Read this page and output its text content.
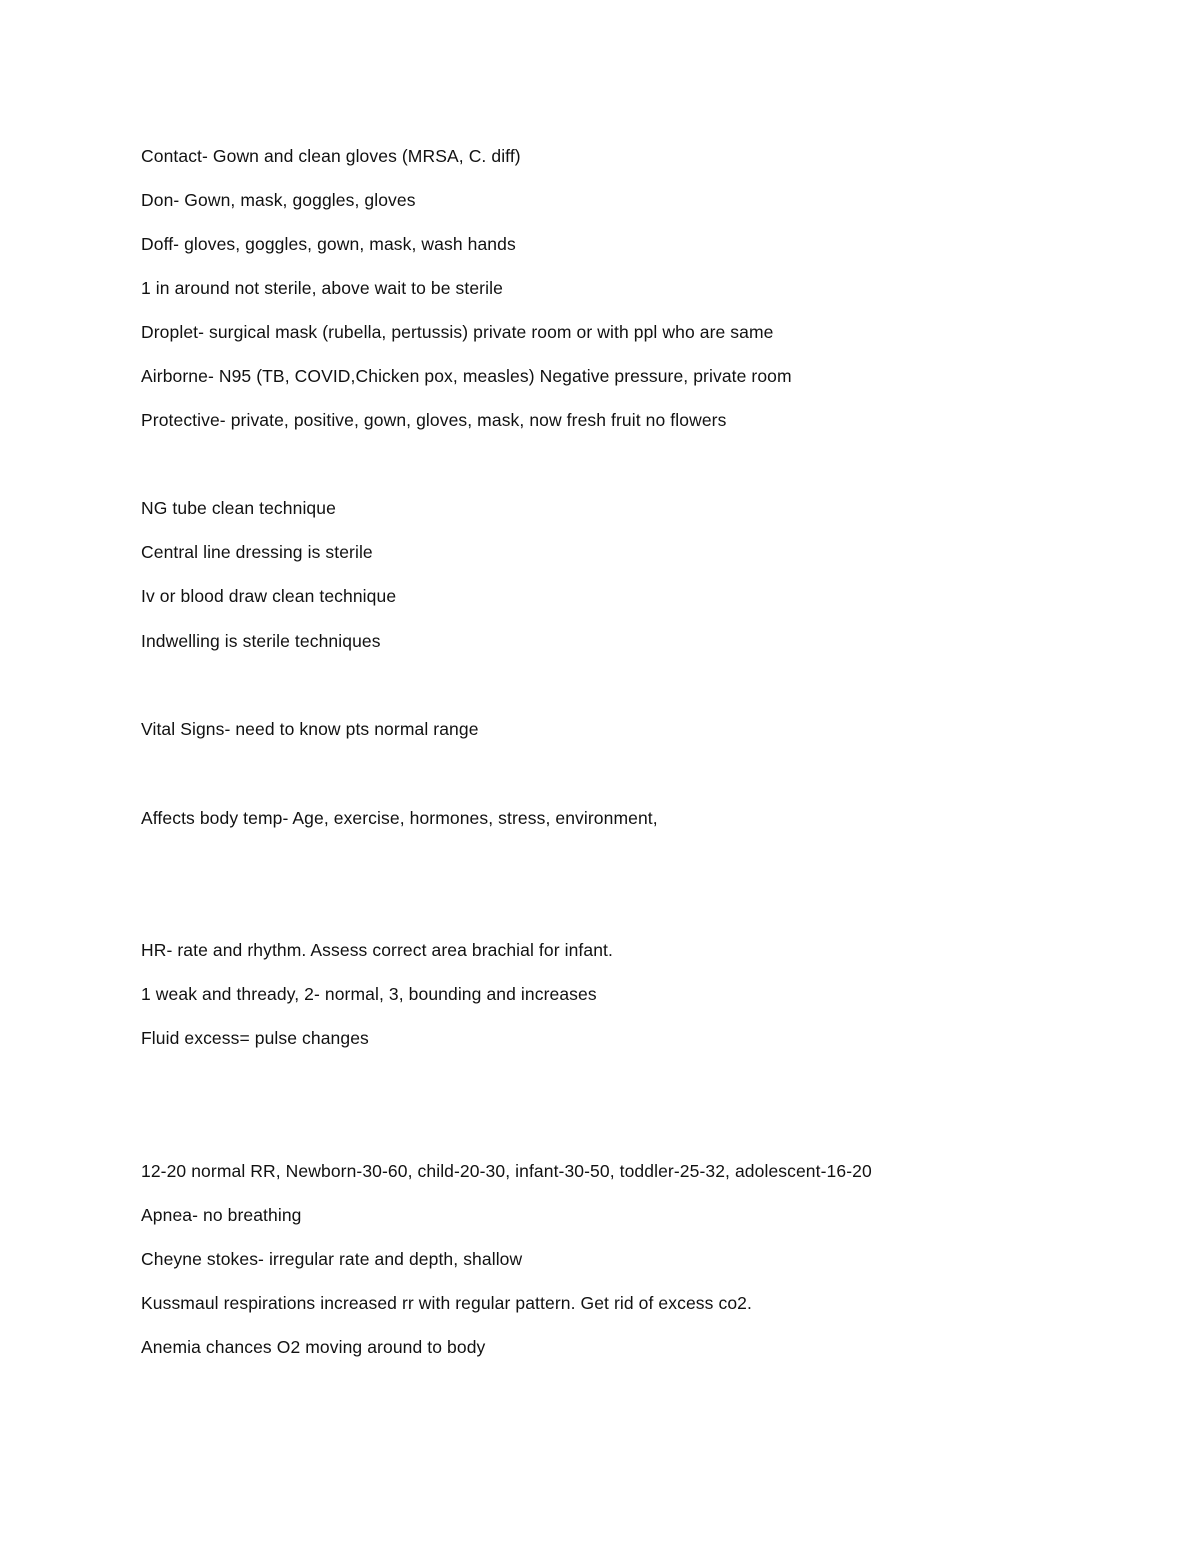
Contact- Gown and clean gloves (MRSA, C. diff)
Don- Gown, mask, goggles, gloves
Doff- gloves, goggles, gown, mask, wash hands
1 in around not sterile, above wait to be sterile
Droplet- surgical mask (rubella, pertussis) private room or with ppl who are same
Airborne- N95 (TB, COVID,Chicken pox, measles) Negative pressure, private room
Protective- private, positive, gown, gloves, mask, now fresh fruit no flowers
NG tube clean technique
Central line dressing is sterile
Iv or blood draw clean technique
Indwelling is sterile techniques
Vital Signs- need to know pts normal range
Affects body temp- Age, exercise, hormones, stress, environment,
HR- rate and rhythm. Assess correct area brachial for infant.
1 weak and thready, 2- normal, 3, bounding and increases
Fluid excess= pulse changes
12-20 normal RR, Newborn-30-60, child-20-30, infant-30-50, toddler-25-32, adolescent-16-20
Apnea- no breathing
Cheyne stokes- irregular rate and depth, shallow
Kussmaul respirations increased rr with regular pattern. Get rid of excess co2.
Anemia chances O2 moving around to body
